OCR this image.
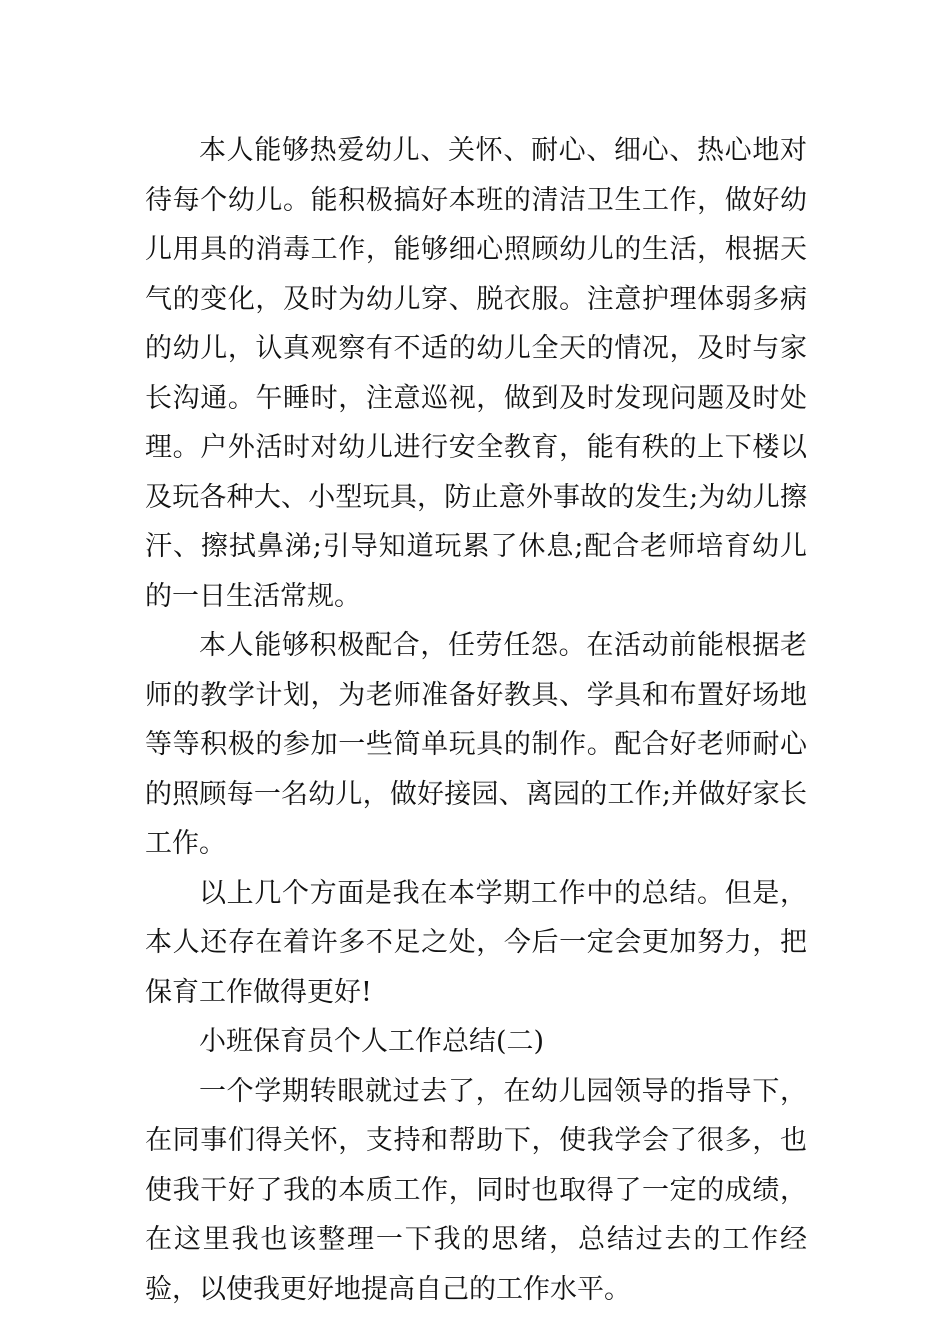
本人能够热爱幼儿、关怀、耐心、细心、热心地对待每个幼儿。能积极搞好本班的清洁卫生工作，做好幼儿用具的消毒工作，能够细心照顾幼儿的生活，根据天气的变化，及时为幼儿穿、脱衣服。注意护理体弱多病的幼儿，认真观察有不适的幼儿全天的情况，及时与家长沟通。午睡时，注意巡视，做到及时发现问题及时处理。户外活时对幼儿进行安全教育，能有秩的上下楼以及玩各种大、小型玩具，防止意外事故的发生;为幼儿擦汗、擦拭鼻涕;引导知道玩累了休息;配合老师培育幼儿的一日生活常规。

本人能够积极配合，任劳任怨。在活动前能根据老师的教学计划，为老师准备好教具、学具和布置好场地等等积极的参加一些简单玩具的制作。配合好老师耐心的照顾每一名幼儿，做好接园、离园的工作;并做好家长工作。

以上几个方面是我在本学期工作中的总结。但是，本人还存在着许多不足之处，今后一定会更加努力，把保育工作做得更好!

小班保育员个人工作总结(二)

一个学期转眼就过去了，在幼儿园领导的指导下，在同事们得关怀，支持和帮助下，使我学会了很多，也使我干好了我的本质工作，同时也取得了一定的成绩，在这里我也该整理一下我的思绪，总结过去的工作经验，以使我更好地提高自己的工作水平。
